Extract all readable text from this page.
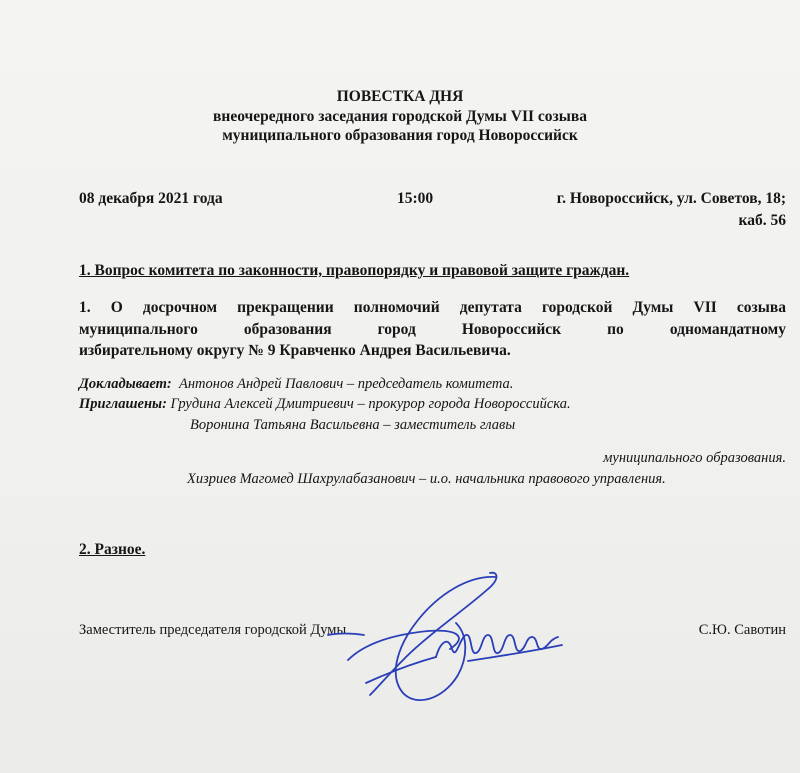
ПОВЕСТКА ДНЯ
внеочередного заседания городской Думы VII созыва
муниципального образования город Новороссийск
08 декабря 2021 года	15:00	г. Новороссийск, ул. Советов, 18;
каб. 56
1. Вопрос комитета по законности, правопорядку и правовой защите граждан.
1. О досрочном прекращении полномочий депутата городской Думы VII созыва
муниципального образования город Новороссийск по одномандатному
избирательному округу № 9 Кравченко Андрея Васильевича.
Докладывает: Антонов Андрей Павлович – председатель комитета.
Приглашены: Грудина Алексей Дмитриевич – прокурор города Новороссийска.
Воронина Татьяна Васильевна – заместитель главы
муниципального образования.
Хизриев Магомед Шахрулабазанович – и.о. начальника правового управления.
2. Разное.
Заместитель председателя городской Думы	С.Ю. Савотин
